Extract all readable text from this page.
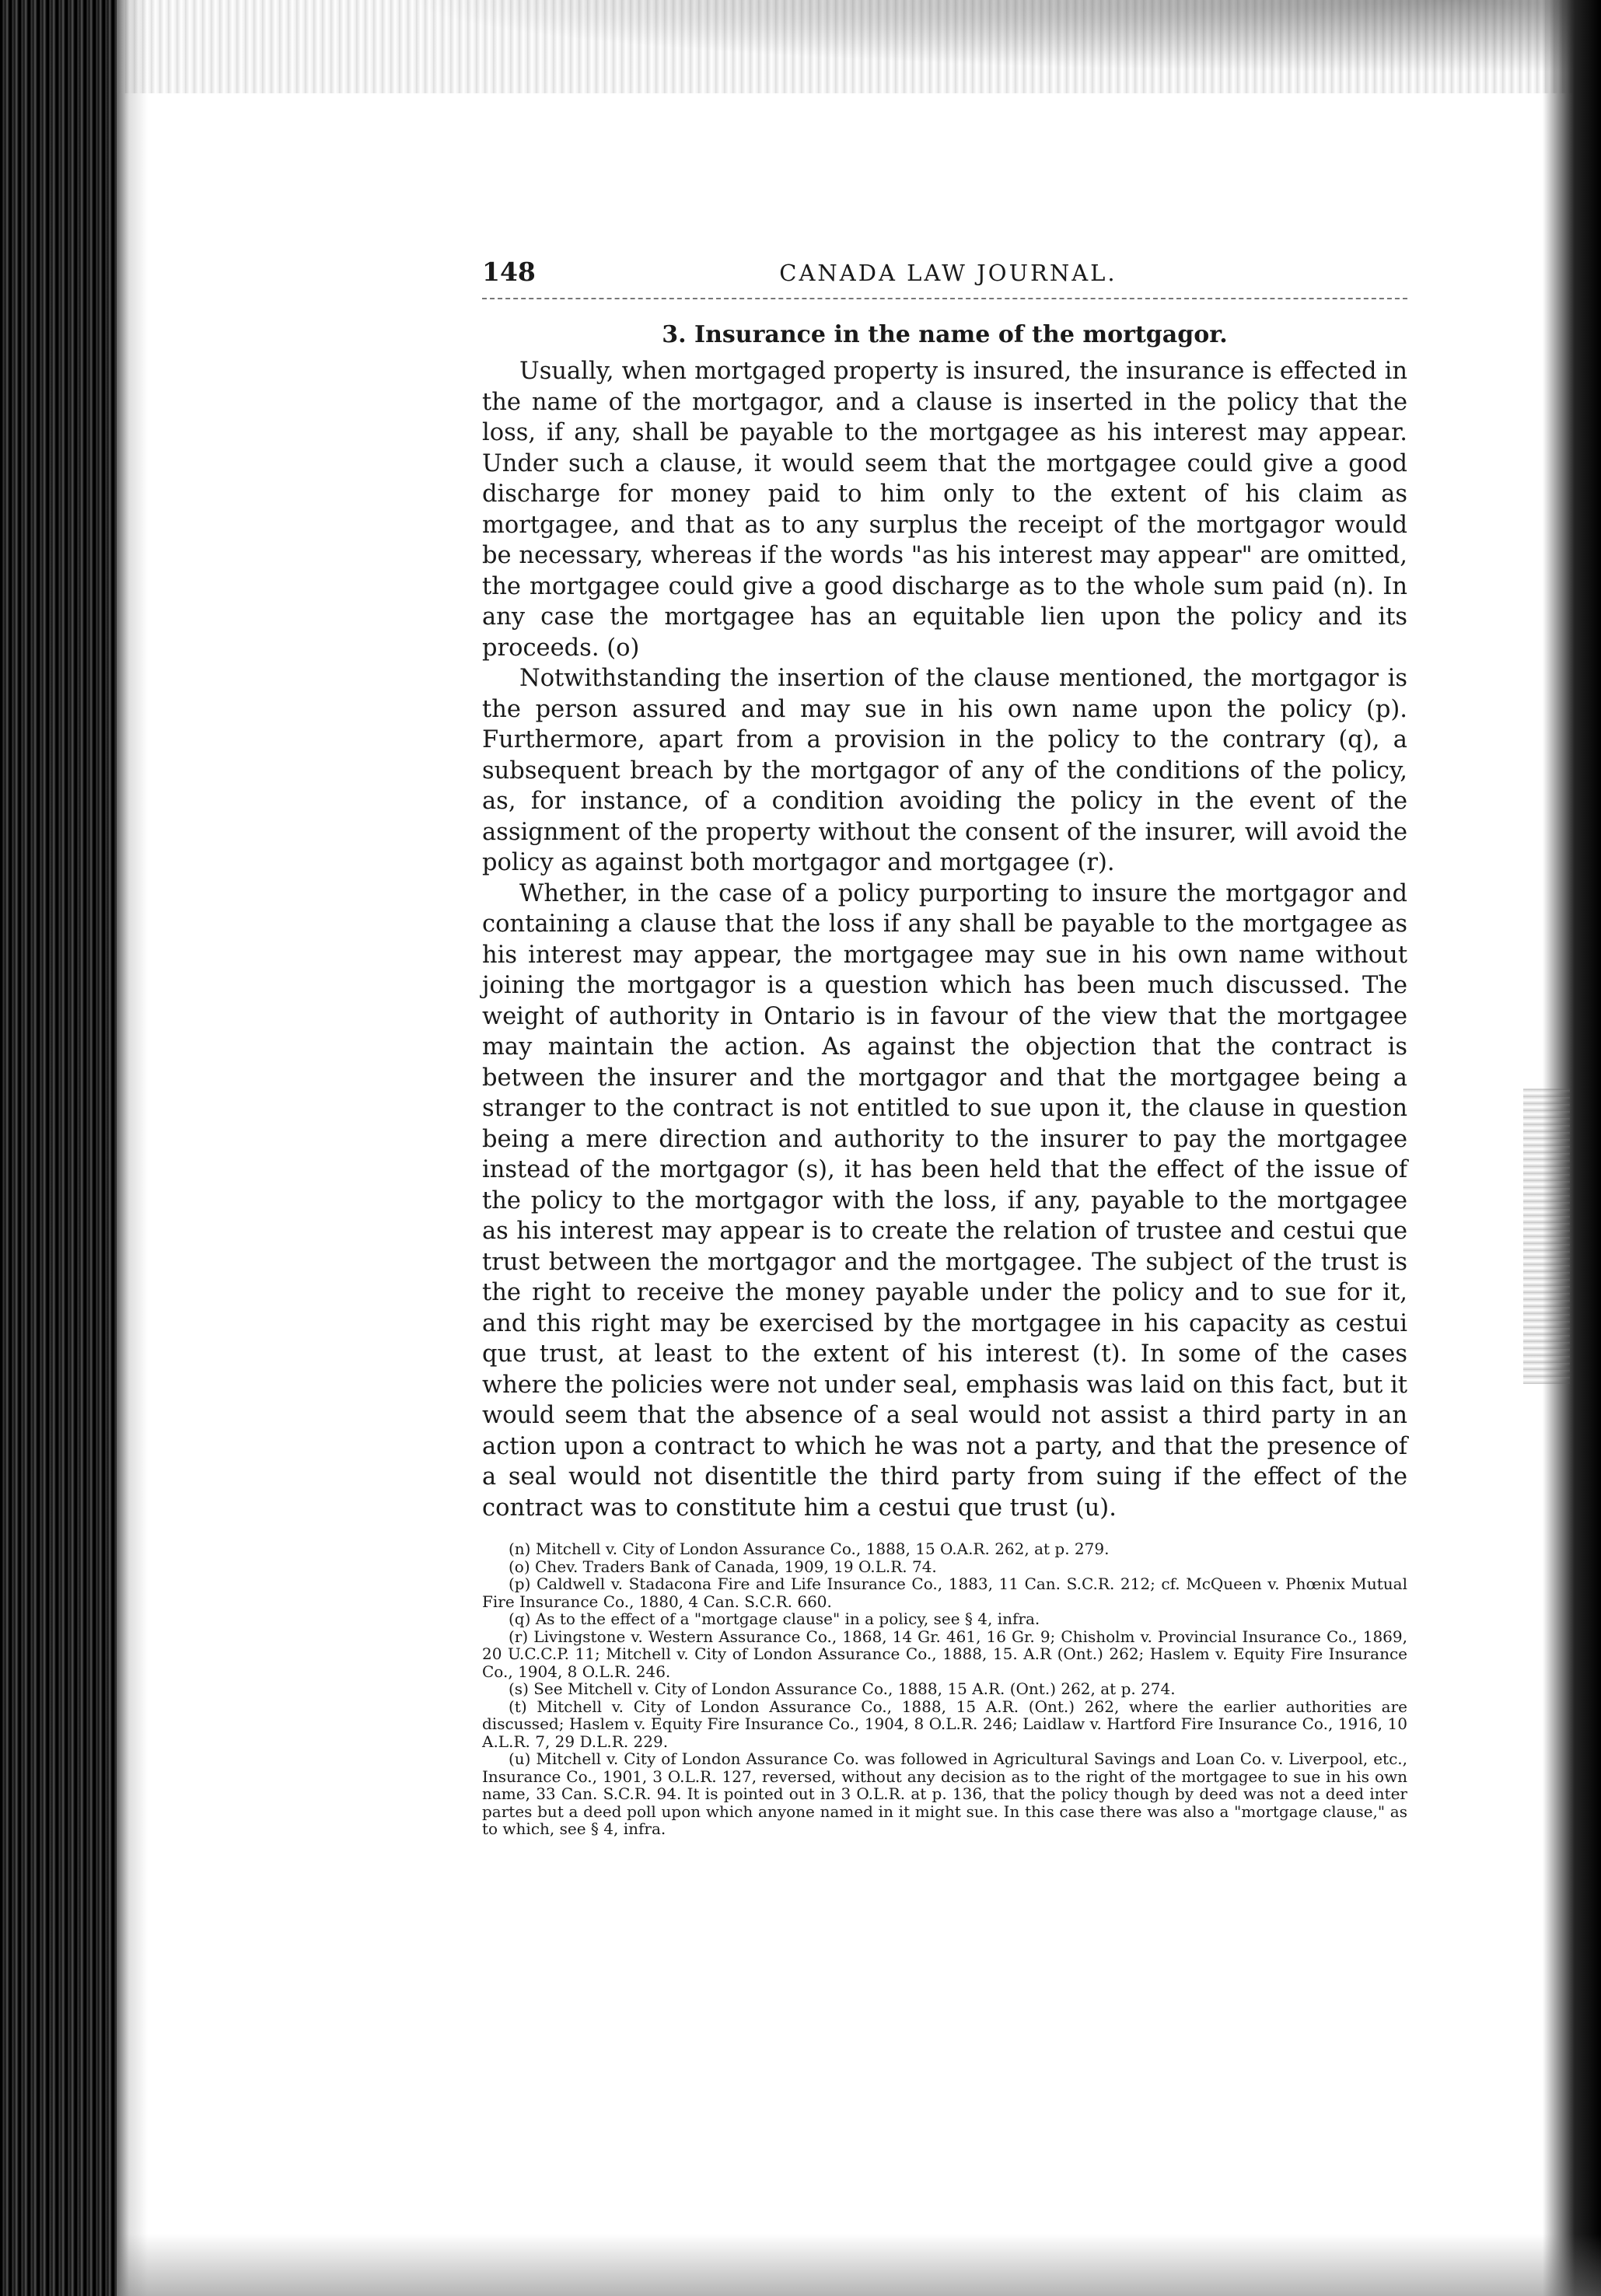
148	CANADA LAW JOURNAL.
3. Insurance in the name of the mortgagor.

Usually, when mortgaged property is insured, the insurance is effected in the name of the mortgagor, and a clause is inserted in the policy that the loss, if any, shall be payable to the mortgagee as his interest may appear. Under such a clause, it would seem that the mortgagee could give a good discharge for money paid to him only to the extent of his claim as mortgagee, and that as to any surplus the receipt of the mortgagor would be necessary, whereas if the words "as his interest may appear" are omitted, the mortgagee could give a good discharge as to the whole sum paid (n). In any case the mortgagee has an equitable lien upon the policy and its proceeds. (o)

Notwithstanding the insertion of the clause mentioned, the mortgagor is the person assured and may sue in his own name upon the policy (p). Furthermore, apart from a provision in the policy to the contrary (q), a subsequent breach by the mortgagor of any of the conditions of the policy, as, for instance, of a condition avoiding the policy in the event of the assignment of the property without the consent of the insurer, will avoid the policy as against both mortgagor and mortgagee (r).

Whether, in the case of a policy purporting to insure the mortgagor and containing a clause that the loss if any shall be payable to the mortgagee as his interest may appear, the mortgagee may sue in his own name without joining the mortgagor is a question which has been much discussed. The weight of authority in Ontario is in favour of the view that the mortgagee may maintain the action. As against the objection that the contract is between the insurer and the mortgagor and that the mortgagee being a stranger to the contract is not entitled to sue upon it, the clause in question being a mere direction and authority to the insurer to pay the mortgagee instead of the mortgagor (s), it has been held that the effect of the issue of the policy to the mortgagor with the loss, if any, payable to the mortgagee as his interest may appear is to create the relation of trustee and cestui que trust between the mortgagor and the mortgagee. The subject of the trust is the right to receive the money payable under the policy and to sue for it, and this right may be exercised by the mortgagee in his capacity as cestui que trust, at least to the extent of his interest (t). In some of the cases where the policies were not under seal, emphasis was laid on this fact, but it would seem that the absence of a seal would not assist a third party in an action upon a contract to which he was not a party, and that the presence of a seal would not disentitle the third party from suing if the effect of the contract was to constitute him a cestui que trust (u).

(n) Mitchell v. City of London Assurance Co., 1888, 15 O.A.R. 262, at p. 279.

(o) Chev. Traders Bank of Canada, 1909, 19 O.L.R. 74.

(p) Caldwell v. Stadacona Fire and Life Insurance Co., 1883, 11 Can. S.C.R. 212; cf. McQueen v. Phœnix Mutual Fire Insurance Co., 1880, 4 Can. S.C.R. 660.

(q) As to the effect of a "mortgage clause" in a policy, see § 4, infra.

(r) Livingstone v. Western Assurance Co., 1868, 14 Gr. 461, 16 Gr. 9; Chisholm v. Provincial Insurance Co., 1869, 20 U.C.C.P. 11; Mitchell v. City of London Assurance Co., 1888, 15. A.R (Ont.) 262; Haslem v. Equity Fire Insurance Co., 1904, 8 O.L.R. 246.

(s) See Mitchell v. City of London Assurance Co., 1888, 15 A.R. (Ont.) 262, at p. 274.

(t) Mitchell v. City of London Assurance Co., 1888, 15 A.R. (Ont.) 262, where the earlier authorities are discussed; Haslem v. Equity Fire Insurance Co., 1904, 8 O.L.R. 246; Laidlaw v. Hartford Fire Insurance Co., 1916, 10 A.L.R. 7, 29 D.L.R. 229.

(u) Mitchell v. City of London Assurance Co. was followed in Agricultural Savings and Loan Co. v. Liverpool, etc., Insurance Co., 1901, 3 O.L.R. 127, reversed, without any decision as to the right of the mortgagee to sue in his own name, 33 Can. S.C.R. 94. It is pointed out in 3 O.L.R. at p. 136, that the policy though by deed was not a deed inter partes but a deed poll upon which anyone named in it might sue. In this case there was also a "mortgage clause," as to which, see § 4, infra.
